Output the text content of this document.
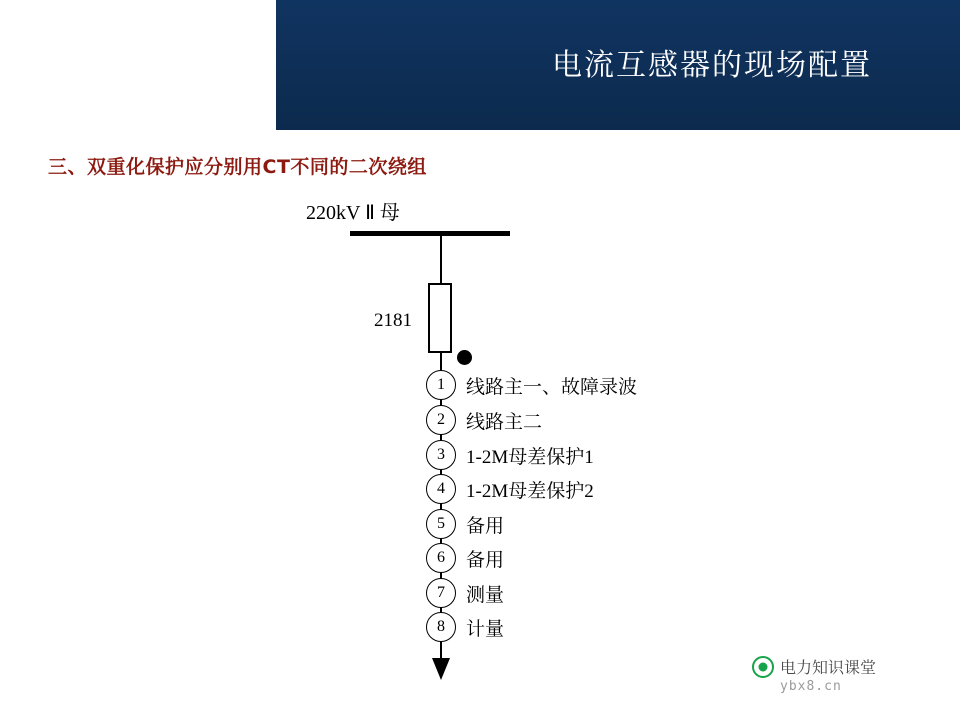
电流互感器的现场配置
三、双重化保护应分别用CT不同的二次绕组
220kV Ⅱ 母
2181
1	线路主一、故障录波
2	线路主二
3	1-2M母差保护1
4	1-2M母差保护2
5	备用
6	备用
7	测量
8	计量
电力知识课堂
ybx8.cn
